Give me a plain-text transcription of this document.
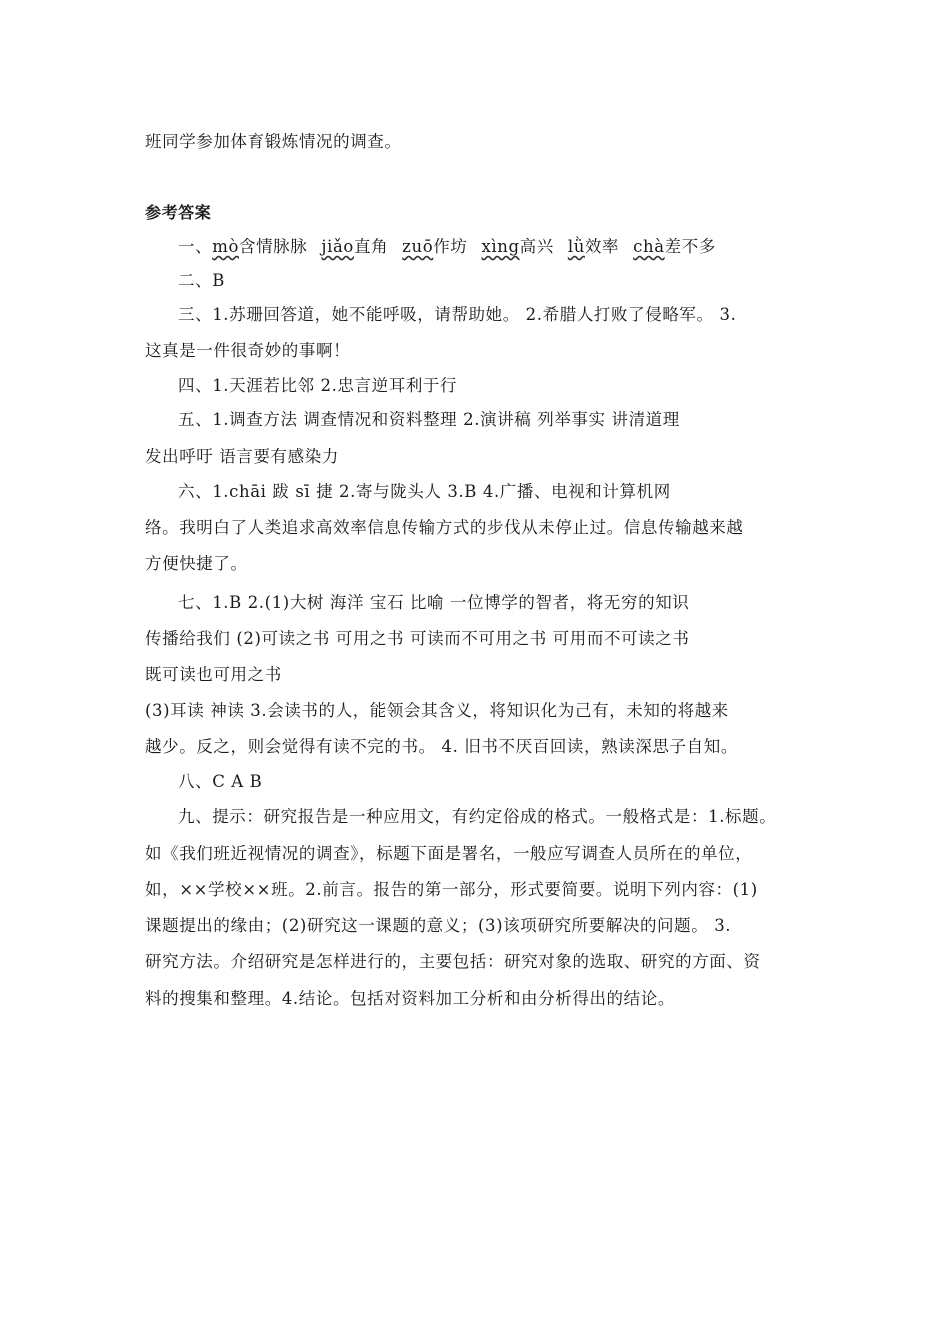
班同学参加体育锻炼情况的调查。
参考答案
一、mò含情脉脉 jiǎo直角 zuō作坊 xìng高兴 lǜ效率 chà差不多
二、B
三、1.苏珊回答道，她不能呼吸，请帮助她。 2.希腊人打败了侵略军。 3.
这真是一件很奇妙的事啊！
四、1.天涯若比邻 2.忠言逆耳利于行
五、1.调查方法 调查情况和资料整理 2.演讲稿 列举事实 讲清道理
发出呼吁 语言要有感染力
六、1.chāi 跋 sī 捷 2.寄与陇头人 3.B 4.广播、电视和计算机网
络。我明白了人类追求高效率信息传输方式的步伐从未停止过。信息传输越来越
方便快捷了。
七、1.B 2.(1)大树 海洋 宝石 比喻 一位博学的智者，将无穷的知识
传播给我们 (2)可读之书 可用之书 可读而不可用之书 可用而不可读之书
既可读也可用之书
(3)耳读 神读 3.会读书的人，能领会其含义，将知识化为己有，未知的将越来
越少。反之，则会觉得有读不完的书。 4. 旧书不厌百回读，熟读深思子自知。
八、C A B
九、提示：研究报告是一种应用文，有约定俗成的格式。一般格式是：1.标题。
如《我们班近视情况的调查》，标题下面是署名，一般应写调查人员所在的单位，
如，××学校××班。2.前言。报告的第一部分，形式要简要。说明下列内容：(1)
课题提出的缘由；(2)研究这一课题的意义；(3)该项研究所要解决的问题。 3.
研究方法。介绍研究是怎样进行的，主要包括：研究对象的选取、研究的方面、资
料的搜集和整理。4.结论。包括对资料加工分析和由分析得出的结论。
